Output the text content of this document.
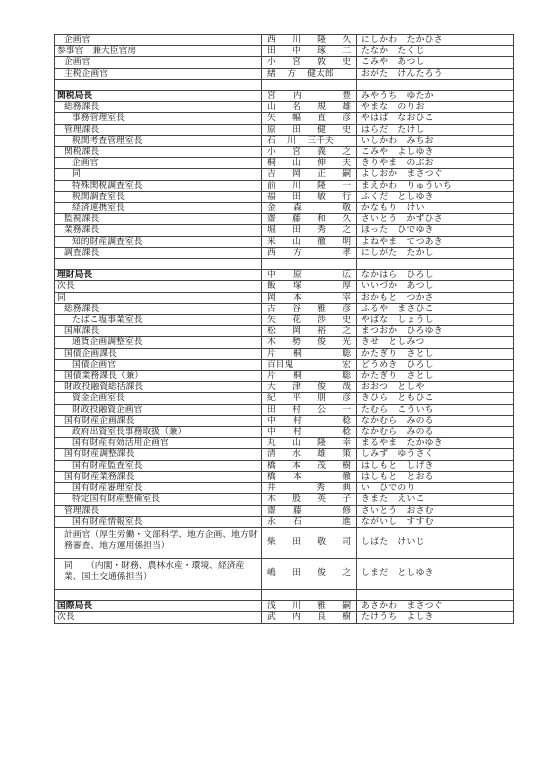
企画官	西 川 隆 久	にしかわ　たかひさ
参事官　兼大臣官房	田 中 琢 二	たなか　たくじ
企画官	小 宮 敦 史	こみや　あつし
主税企画官	緒 方 健太郎	おがた　けんたろう

関税局長	宮 内 豊	みやうち　ゆたか
総務課長	山 名 規 雄	やまな　のりお
事務管理室長	矢 幅 直 彦	やはば　なおひこ
管理課長	原 田 健 史	はらだ　たけし
税関考査管理室長	石 川 三千夫	いしかわ　みちお
関税課長	小 宮 義 之	こみや　よしゆき
企画官	桐 山 伸 夫	きりやま　のぶお
同	吉 岡 正 嗣	よしおか　まさつぐ
特殊関税調査室長	前 川 隆 一	まえかわ　りゅういち
税関調査室長	福 田 敏 行	ふくだ　としゆき
経済連携室長	金 森 敬	かなもり　けい
監視課長	齋 藤 和 久	さいとう　かずひさ
業務課長	堀 田 秀 之	ほった　ひでゆき
知的財産調査室長	米 山 徹 明	よねやま　てつあき
調査課長	西 方 孝	にしがた　たかし

理財局長	中 原 広	なかはら　ひろし
次長	飯 塚 厚	いいづか　あつし
同	岡 本 宰	おかもと　つかさ
総務課長	古 谷 雅 彦	ふるや　まさひこ
たばこ塩事業室長	矢 花 渉 史	やばな　しょうし
国庫課長	松 岡 裕 之	まつおか　ひろゆき
通貨企画調整室長	木 勢 俊 光	きせ　としみつ
国債企画課長	片 桐 聡	かたぎり　さとし
国債企画官	百目鬼 宏	どうめき　ひろし
国債業務課長（兼）	片 桐 聡	かたぎり　さとし
財政投融資総括課長	大 津 俊 哉	おおつ　としや
資金企画室長	紀 平 朋 彦	きひら　ともひこ
財政投融資企画官	田 村 公 一	たむら　こういち
国有財産企画課長	中 村 稔	なかむら　みのる
政府出資室長事務取扱（兼）	中 村 稔	なかむら　みのる
国有財産有効活用企画官	丸 山 隆 幸	まるやま　たかゆき
国有財産調整課長	清 水 雄 策	しみず　ゆうさく
国有財産監査室長	橋 本 茂 樹	はしもと　しげき
国有財産業務課長	橋 本 徹	はしもと　とおる
国有財産審理室長	井 秀 典	い　ひでのり
特定国有財産整備室長	木 股 英 子	きまた　えいこ
管理課長	齋 藤 修	さいとう　おさむ
国有財産情報室長	永 石 進	ながいし　すすむ
計画官（厚生労働・文部科学、地方企画、地方財務審査、地方運用係担当）	柴 田 敬 司	しばた　けいじ
同　　（内閣・財務、農林水産・環境、経済産業、国土交通係担当）	嶋 田 俊 之	しまだ　としゆき

国際局長	浅 川 雅 嗣	あさかわ　まさつぐ
次長	武 内 良 樹	たけうち　よしき
